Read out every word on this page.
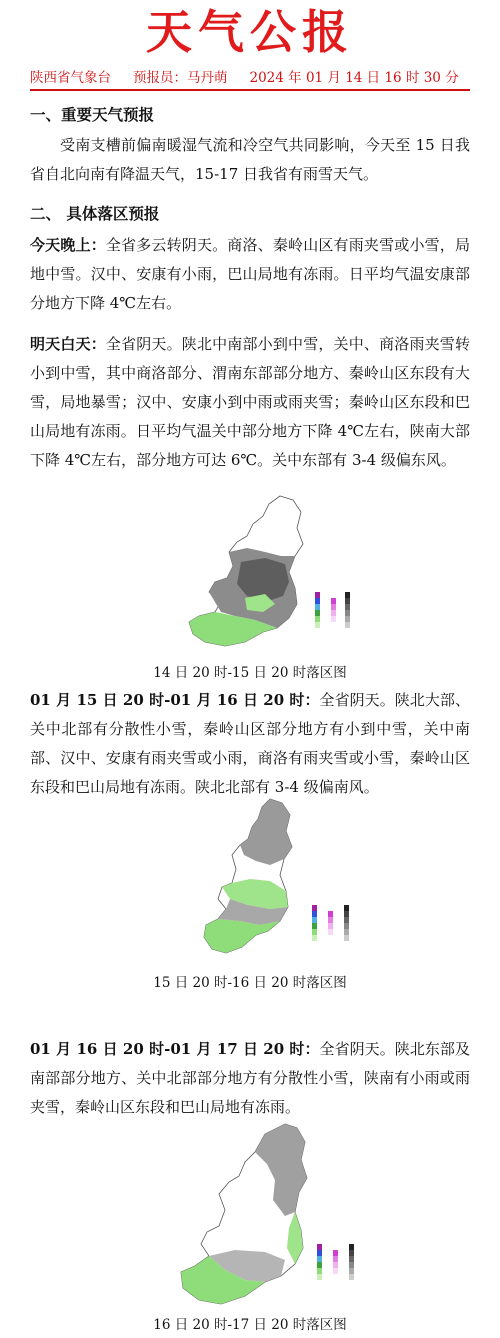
天气公报
陕西省气象台 预报员：马丹萌 2024 年 01 月 14 日 16 时 30 分
一、重要天气预报
受南支槽前偏南暖湿气流和冷空气共同影响，今天至 15 日我省自北向南有降温天气，15-17 日我省有雨雪天气。
二、 具体落区预报
今天晚上：全省多云转阴天。商洛、秦岭山区有雨夹雪或小雪，局地中雪。汉中、安康有小雨，巴山局地有冻雨。日平均气温安康部分地方下降 4℃左右。
明天白天：全省阴天。陕北中南部小到中雪，关中、商洛雨夹雪转小到中雪，其中商洛部分、渭南东部部分地方、秦岭山区东段有大雪，局地暴雪；汉中、安康小到中雨或雨夹雪；秦岭山区东段和巴山局地有冻雨。日平均气温关中部分地方下降 4℃左右，陕南大部下降 4℃左右，部分地方可达 6℃。关中东部有 3-4 级偏东风。
14 日 20 时-15 日 20 时落区图
01 月 15 日 20 时-01 月 16 日 20 时：全省阴天。陕北大部、关中北部有分散性小雪，秦岭山区部分地方有小到中雪，关中南部、汉中、安康有雨夹雪或小雨，商洛有雨夹雪或小雪，秦岭山区东段和巴山局地有冻雨。陕北北部有 3-4 级偏南风。
15 日 20 时-16 日 20 时落区图
01 月 16 日 20 时-01 月 17 日 20 时：全省阴天。陕北东部及南部部分地方、关中北部部分地方有分散性小雪，陕南有小雨或雨夹雪，秦岭山区东段和巴山局地有冻雨。
16 日 20 时-17 日 20 时落区图
